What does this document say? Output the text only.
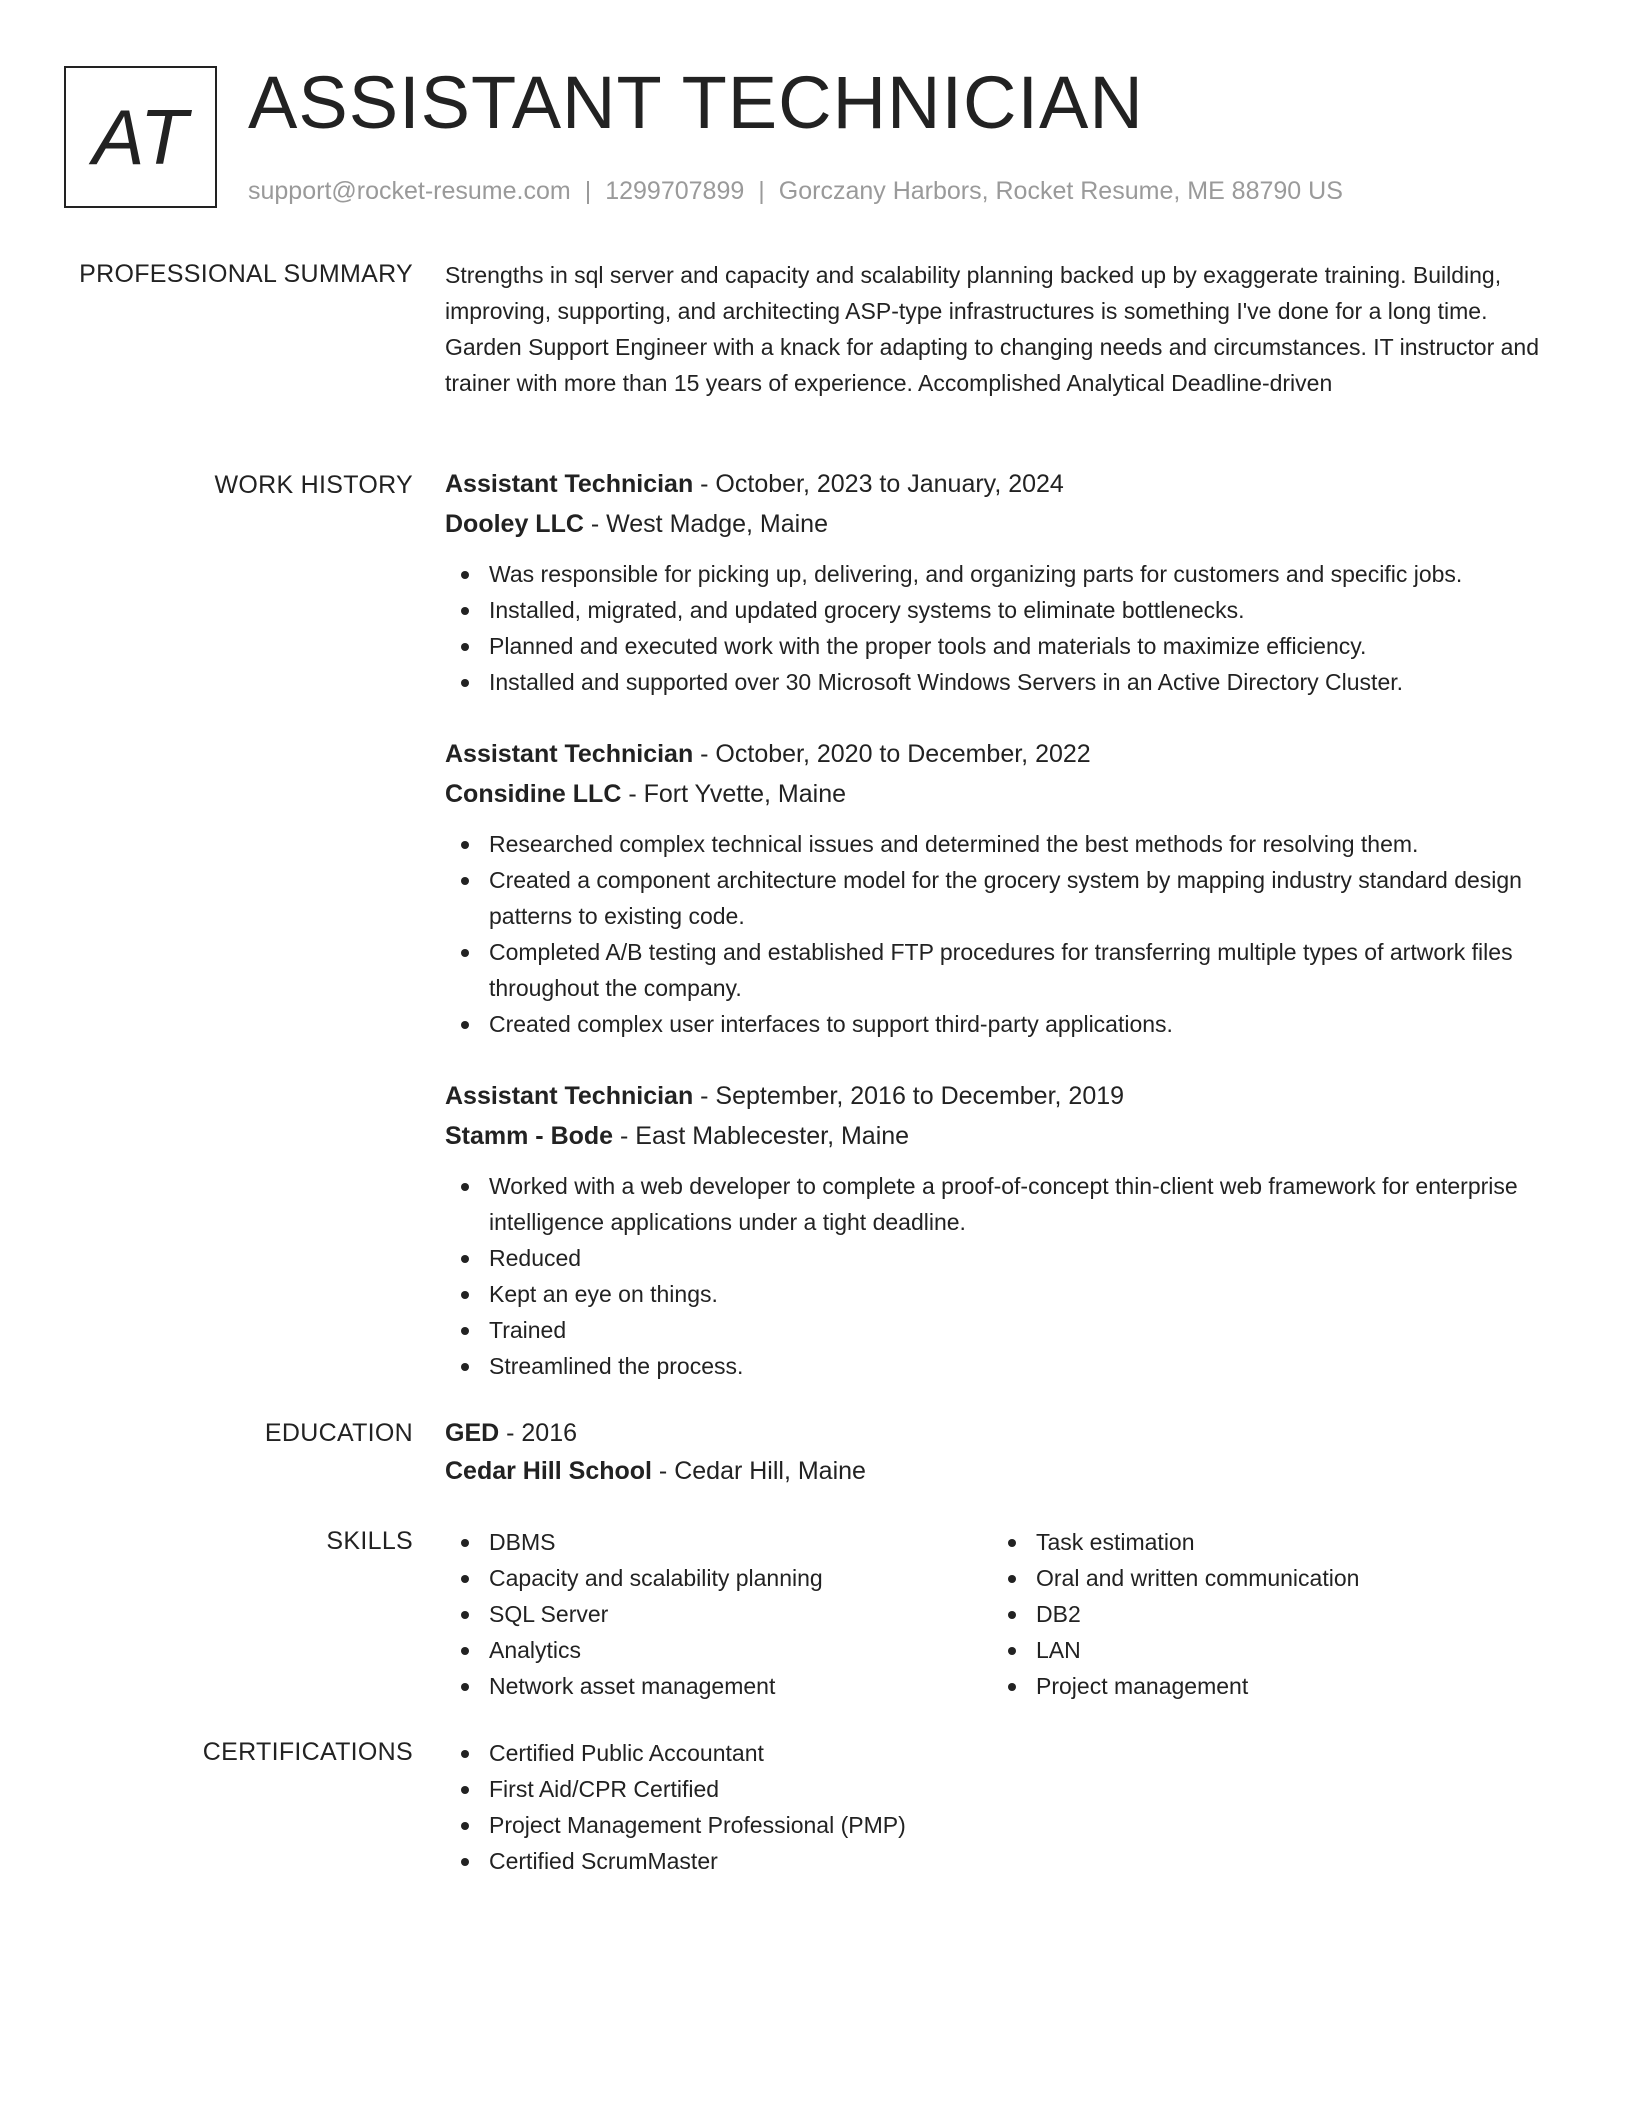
AT ASSISTANT TECHNICIAN
support@rocket-resume.com | 1299707899 | Gorczany Harbors, Rocket Resume, ME 88790 US
PROFESSIONAL SUMMARY Strengths in sql server and capacity and scalability planning backed up by exaggerate training. Building, improving, supporting, and architecting ASP-type infrastructures is something I've done for a long time. Garden Support Engineer with a knack for adapting to changing needs and circumstances. IT instructor and trainer with more than 15 years of experience. Accomplished Analytical Deadline-driven

WORK HISTORY Assistant Technician - October, 2023 to January, 2024
Dooley LLC - West Madge, Maine
Was responsible for picking up, delivering, and organizing parts for customers and specific jobs.
Installed, migrated, and updated grocery systems to eliminate bottlenecks.
Planned and executed work with the proper tools and materials to maximize efficiency.
Installed and supported over 30 Microsoft Windows Servers in an Active Directory Cluster.
Assistant Technician - October, 2020 to December, 2022
Considine LLC - Fort Yvette, Maine
Researched complex technical issues and determined the best methods for resolving them.
Created a component architecture model for the grocery system by mapping industry standard design patterns to existing code.
Completed A/B testing and established FTP procedures for transferring multiple types of artwork files throughout the company.
Created complex user interfaces to support third-party applications.
Assistant Technician - September, 2016 to December, 2019
Stamm - Bode - East Mablecester, Maine
Worked with a web developer to complete a proof-of-concept thin-client web framework for enterprise intelligence applications under a tight deadline.
Reduced
Kept an eye on things.
Trained
Streamlined the process.
EDUCATION GED - 2016
Cedar Hill School - Cedar Hill, Maine
SKILLS	DBMS
Capacity and scalability planning
SQL Server
Analytics
Network asset management
Task estimation
Oral and written communication
DB2
LAN
Project management
CERTIFICATIONS	Certified Public Accountant
First Aid/CPR Certified
Project Management Professional (PMP)
Certified ScrumMaster
